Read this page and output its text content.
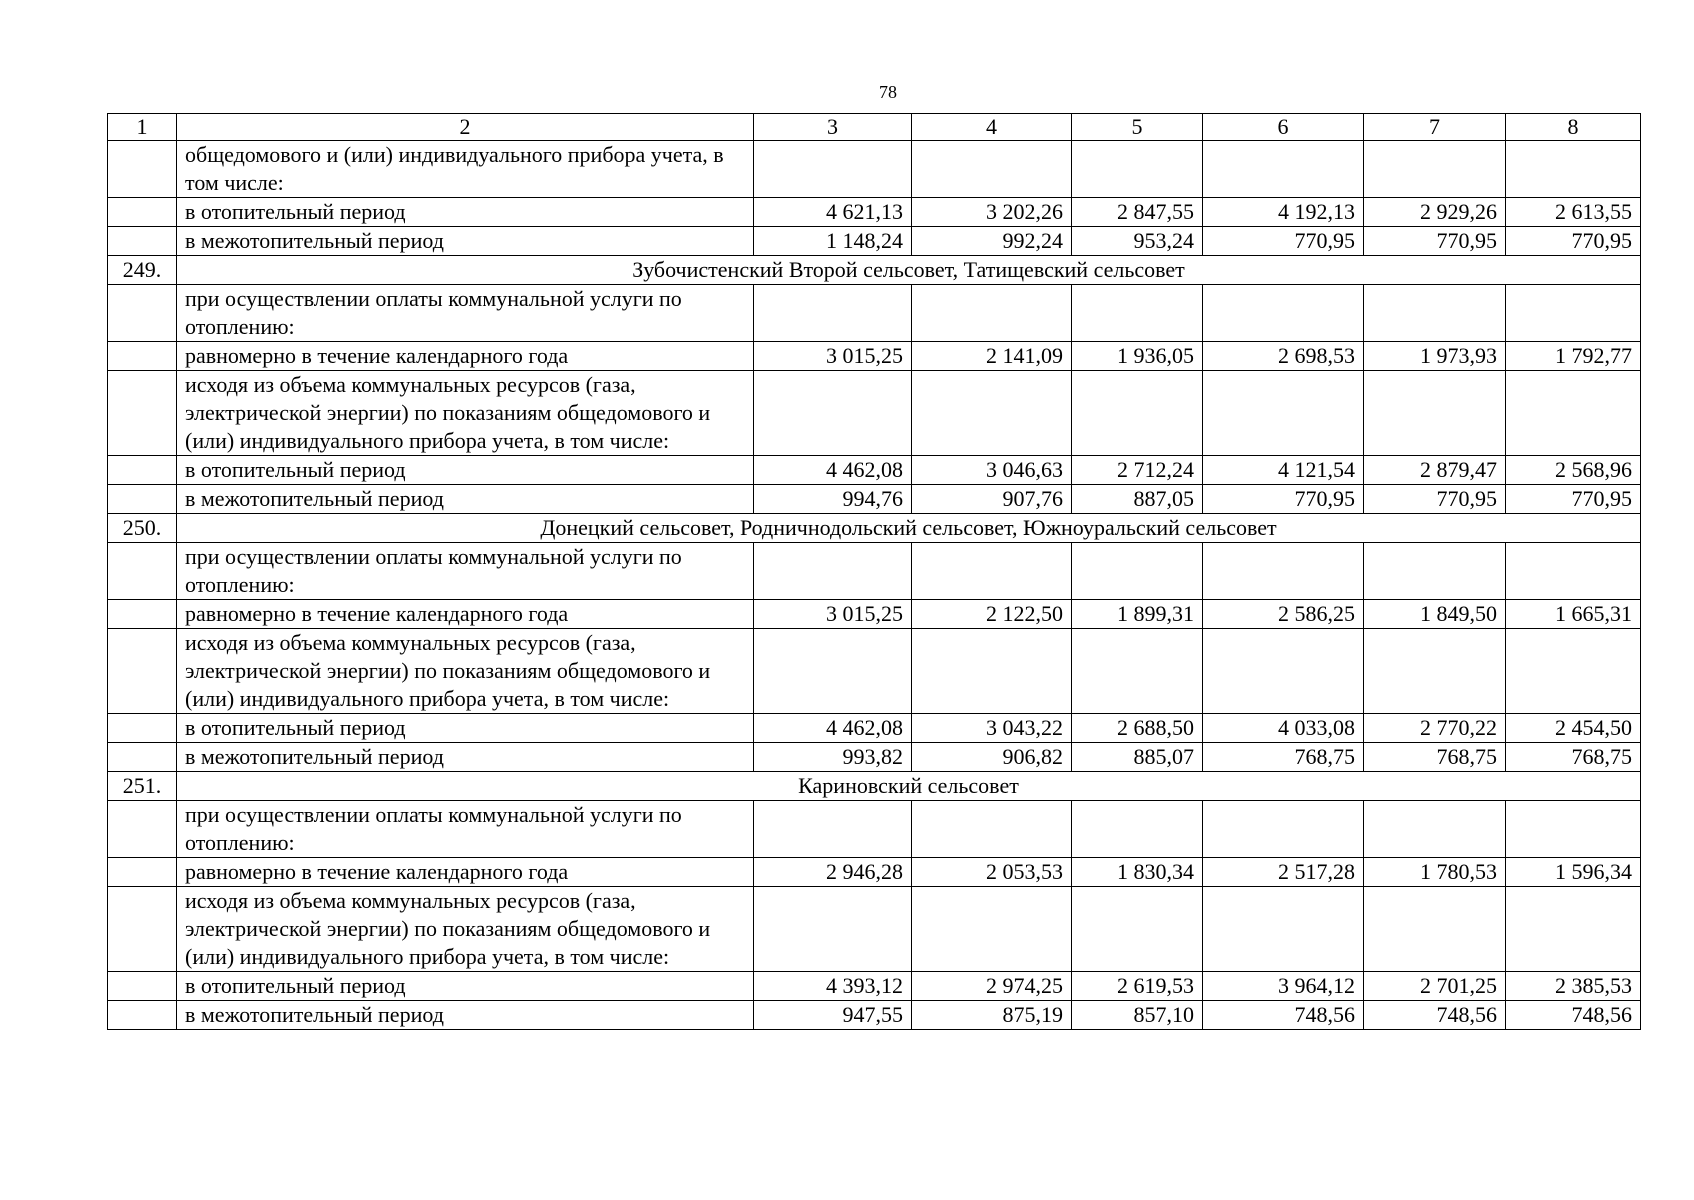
78
1	2	3	4	5	6	7	8
	общедомового и (или) индивидуального прибора учета, в том числе:						
	в отопительный период	4 621,13	3 202,26	2 847,55	4 192,13	2 929,26	2 613,55
	в межотопительный период	1 148,24	992,24	953,24	770,95	770,95	770,95
249.	Зубочистенский Второй сельсовет, Татищевский сельсовет						
	при осуществлении оплаты коммунальной услуги по отоплению:						
	равномерно в течение календарного года	3 015,25	2 141,09	1 936,05	2 698,53	1 973,93	1 792,77
	исходя из объема коммунальных ресурсов (газа, электрической энергии) по показаниям общедомового и (или) индивидуального прибора учета, в том числе:						
	в отопительный период	4 462,08	3 046,63	2 712,24	4 121,54	2 879,47	2 568,96
	в межотопительный период	994,76	907,76	887,05	770,95	770,95	770,95
250.	Донецкий сельсовет, Родничнодольский сельсовет, Южноуральский сельсовет						
	при осуществлении оплаты коммунальной услуги по отоплению:						
	равномерно в течение календарного года	3 015,25	2 122,50	1 899,31	2 586,25	1 849,50	1 665,31
	исходя из объема коммунальных ресурсов (газа, электрической энергии) по показаниям общедомового и (или) индивидуального прибора учета, в том числе:						
	в отопительный период	4 462,08	3 043,22	2 688,50	4 033,08	2 770,22	2 454,50
	в межотопительный период	993,82	906,82	885,07	768,75	768,75	768,75
251.	Кариновский сельсовет						
	при осуществлении оплаты коммунальной услуги по отоплению:						
	равномерно в течение календарного года	2 946,28	2 053,53	1 830,34	2 517,28	1 780,53	1 596,34
	исходя из объема коммунальных ресурсов (газа, электрической энергии) по показаниям общедомового и (или) индивидуального прибора учета, в том числе:						
	в отопительный период	4 393,12	2 974,25	2 619,53	3 964,12	2 701,25	2 385,53
	в межотопительный период	947,55	875,19	857,10	748,56	748,56	748,56
